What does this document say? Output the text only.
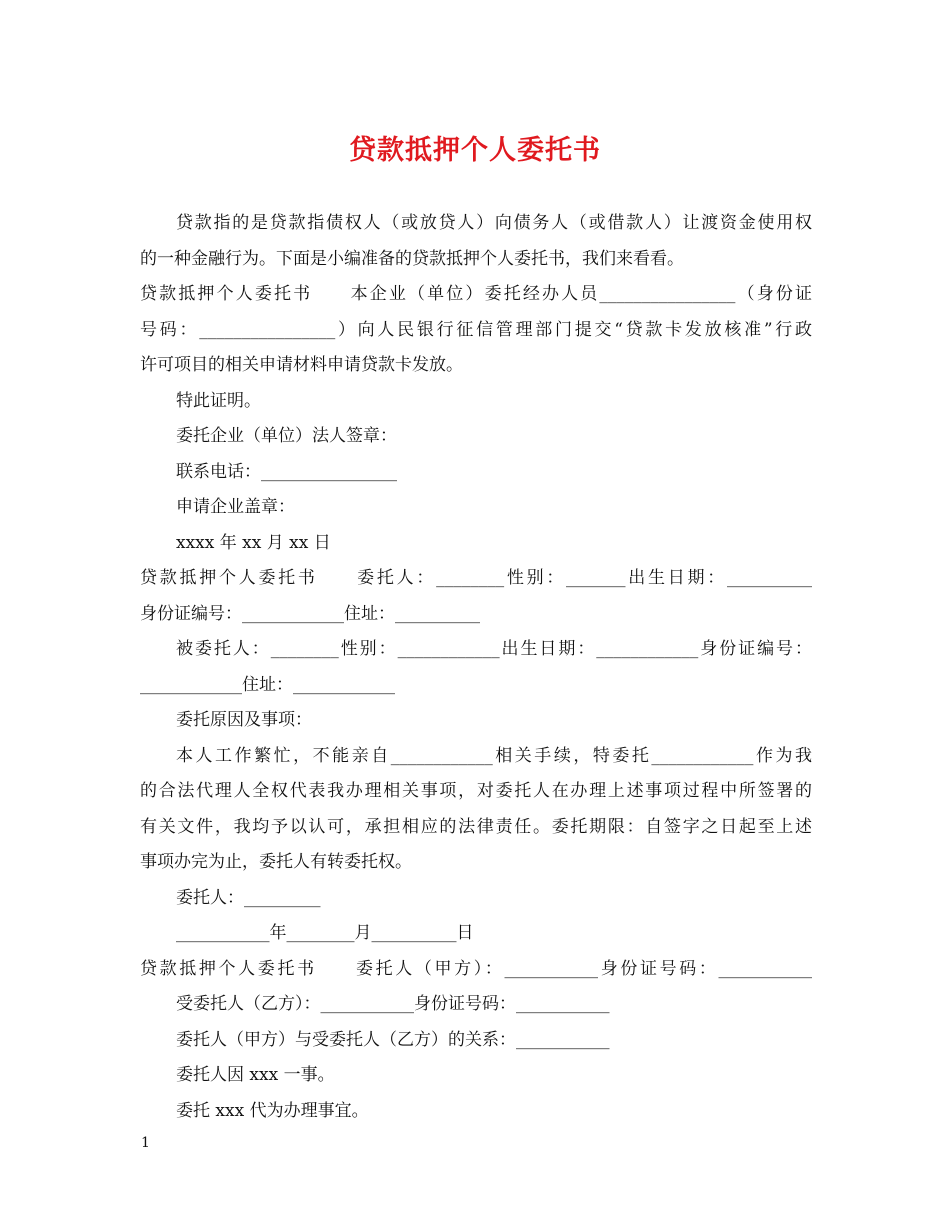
贷款抵押个人委托书
贷款指的是贷款指债权人（或放贷人）向债务人（或借款人）让渡资金使用权
的一种金融行为。下面是小编准备的贷款抵押个人委托书，我们来看看。
贷款抵押个人委托书　　本企业（单位）委托经办人员________________（身份证
号码：________________）向人民银行征信管理部门提交“贷款卡发放核准”行政
许可项目的相关申请材料申请贷款卡发放。
特此证明。
委托企业（单位）法人签章：
联系电话：________________
申请企业盖章：
xxxx 年 xx 月 xx 日
贷款抵押个人委托书　　委托人：________性别：_______出生日期：__________
身份证编号：____________住址：__________
被委托人：________性别：____________出生日期：____________身份证编号：
____________住址：____________
委托原因及事项：
本人工作繁忙，不能亲自____________相关手续，特委托____________作为我
的合法代理人全权代表我办理相关事项，对委托人在办理上述事项过程中所签署的
有关文件，我均予以认可，承担相应的法律责任。委托期限：自签字之日起至上述
事项办完为止，委托人有转委托权。
委托人：_________
___________年________月__________日
贷款抵押个人委托书　　委托人（甲方）：___________身份证号码：___________
受委托人（乙方）：___________身份证号码：___________
委托人（甲方）与受委托人（乙方）的关系：___________
委托人因 xxx 一事。
委托 xxx 代为办理事宜。
1
